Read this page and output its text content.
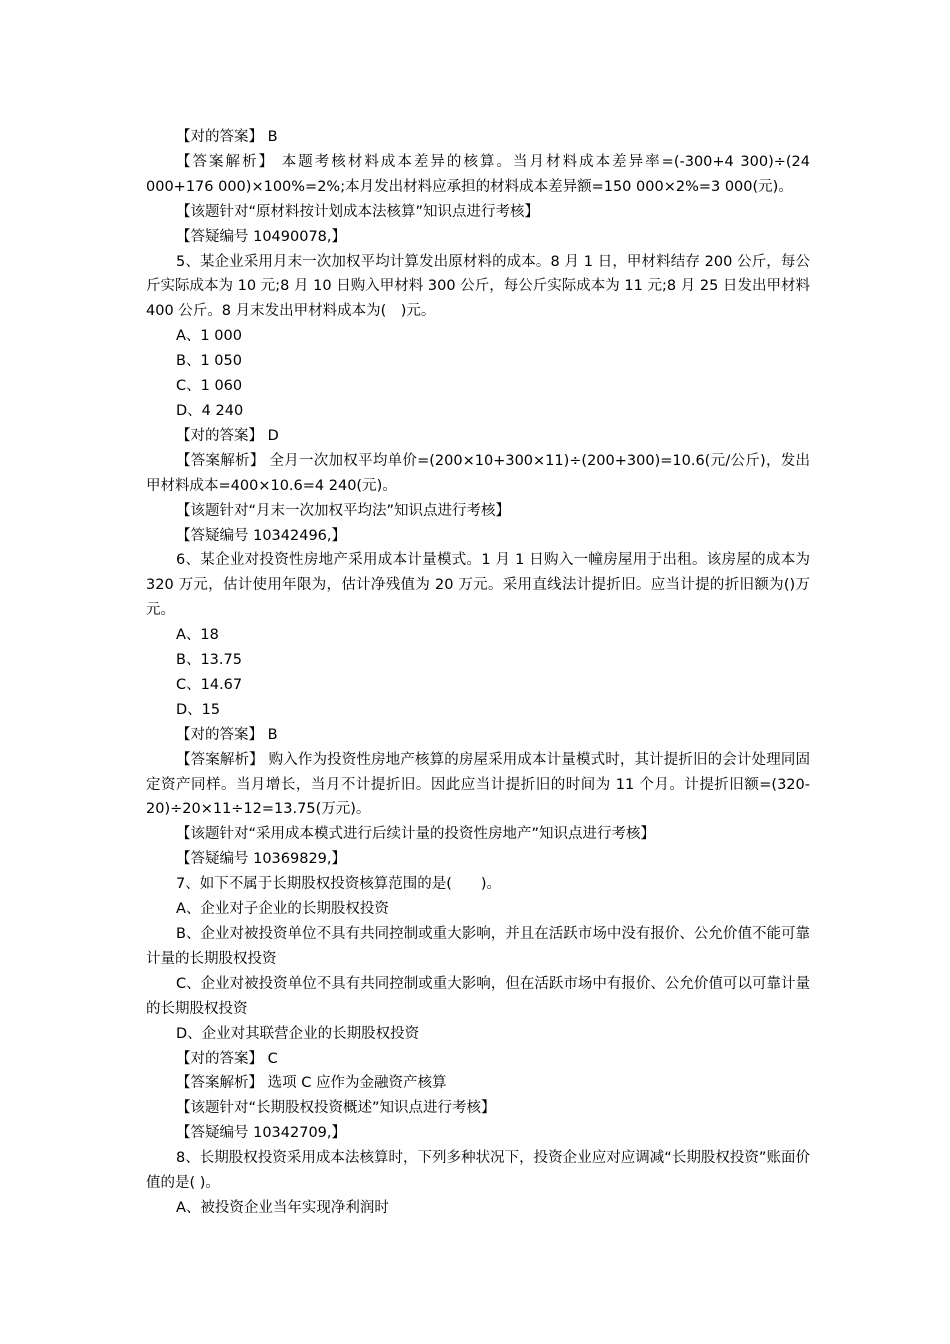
【对的答案】 B

【答案解析】 本题考核材料成本差异的核算。当月材料成本差异率=(-300+4 300)÷(24 000+176 000)×100%=2%;本月发出材料应承担的材料成本差异额=150 000×2%=3 000(元)。

【该题针对“原材料按计划成本法核算”知识点进行考核】

【答疑编号 10490078,】

5、某企业采用月末一次加权平均计算发出原材料的成本。8 月 1 日，甲材料结存 200 公斤，每公斤实际成本为 10 元;8 月 10 日购入甲材料 300 公斤，每公斤实际成本为 11 元;8 月 25 日发出甲材料 400 公斤。8 月末发出甲材料成本为(　)元。

A、1 000

B、1 050

C、1 060

D、4 240

【对的答案】 D

【答案解析】 全月一次加权平均单价=(200×10+300×11)÷(200+300)=10.6(元/公斤)，发出甲材料成本=400×10.6=4 240(元)。

【该题针对“月末一次加权平均法”知识点进行考核】

【答疑编号 10342496,】

6、某企业对投资性房地产采用成本计量模式。1 月 1 日购入一幢房屋用于出租。该房屋的成本为 320 万元，估计使用年限为，估计净残值为 20 万元。采用直线法计提折旧。应当计提的折旧额为()万元。

A、18

B、13.75

C、14.67

D、15

【对的答案】 B

【答案解析】 购入作为投资性房地产核算的房屋采用成本计量模式时，其计提折旧的会计处理同固定资产同样。当月增长，当月不计提折旧。因此应当计提折旧的时间为 11 个月。计提折旧额=(320-20)÷20×11÷12=13.75(万元)。

【该题针对“采用成本模式进行后续计量的投资性房地产”知识点进行考核】

【答疑编号 10369829,】

7、如下不属于长期股权投资核算范围的是(　　)。

A、企业对子企业的长期股权投资

B、企业对被投资单位不具有共同控制或重大影响，并且在活跃市场中没有报价、公允价值不能可靠计量的长期股权投资

C、企业对被投资单位不具有共同控制或重大影响，但在活跃市场中有报价、公允价值可以可靠计量的长期股权投资

D、企业对其联营企业的长期股权投资

【对的答案】 C

【答案解析】 选项 C 应作为金融资产核算

【该题针对“长期股权投资概述”知识点进行考核】

【答疑编号 10342709,】

8、长期股权投资采用成本法核算时，下列多种状况下，投资企业应对应调减“长期股权投资”账面价值的是( )。

A、被投资企业当年实现净利润时
